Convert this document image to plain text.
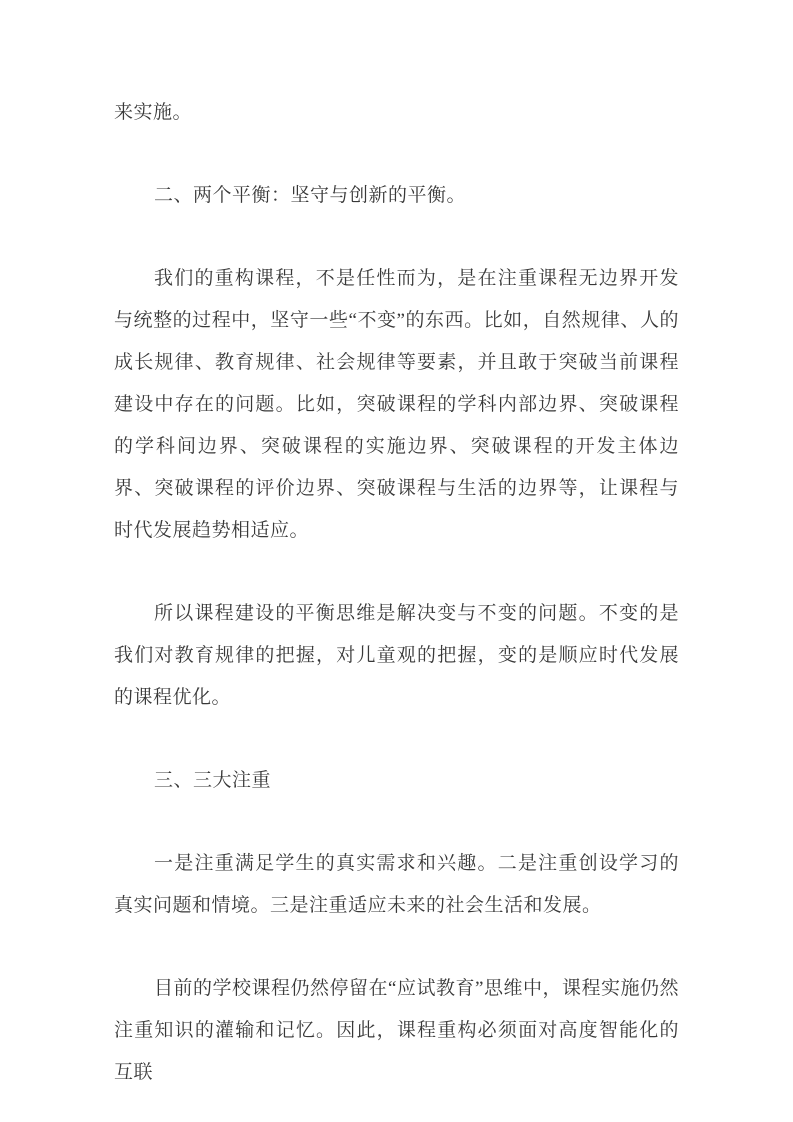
来实施。

二、两个平衡：坚守与创新的平衡。

我们的重构课程，不是任性而为，是在注重课程无边界开发与统整的过程中，坚守一些“不变”的东西。比如，自然规律、人的成长规律、教育规律、社会规律等要素，并且敢于突破当前课程建设中存在的问题。比如，突破课程的学科内部边界、突破课程的学科间边界、突破课程的实施边界、突破课程的开发主体边界、突破课程的评价边界、突破课程与生活的边界等，让课程与时代发展趋势相适应。

所以课程建设的平衡思维是解决变与不变的问题。不变的是我们对教育规律的把握，对儿童观的把握，变的是顺应时代发展的课程优化。

三、三大注重

一是注重满足学生的真实需求和兴趣。二是注重创设学习的真实问题和情境。三是注重适应未来的社会生活和发展。

目前的学校课程仍然停留在“应试教育”思维中，课程实施仍然注重知识的灌输和记忆。因此，课程重构必须面对高度智能化的互联
